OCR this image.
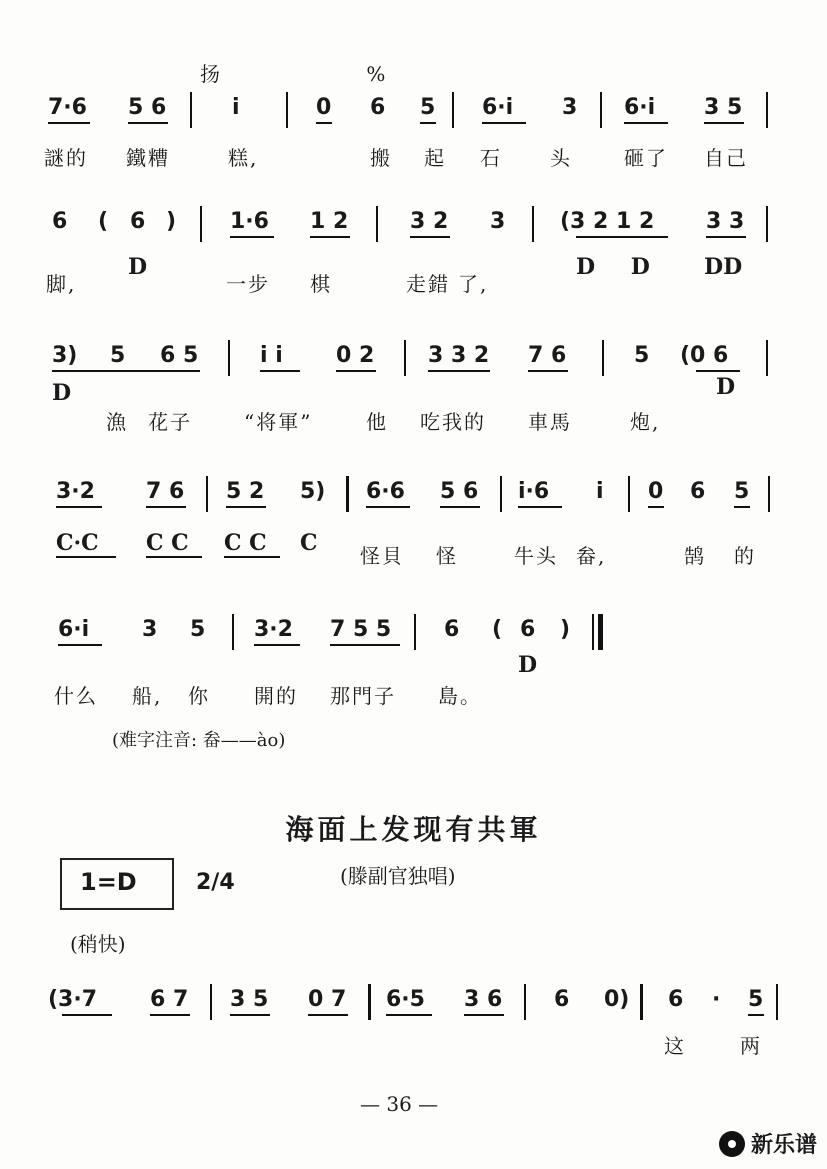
扬 %
7·6 5 6	i	0 6 5 6·i 3 6·i 3 5
謎的 鐵糟	糕,	搬 起 石 头	砸了 自己
6 ( 6 ) 1·6 1 2	3 2 3 (3 2 1 2 3 3
D	D D DD
脚,	一步 棋	走錯 了,
3) 5 6 5	i i 0 2 3 3 2 7 6	5 (0 6
D	D
漁 花子	“将軍”	他 吃我的 車馬	炮,
3·2 7 6 5 2 5) 6·6 5 6 i·6 i 0 6 5
C·C C C C C C 怪貝 怪	牛头 畚,	鹄 的
6·i 3 5 3·2 7 5 5 6 ( 6 )
D
什么 船, 你 開的 那門子 島。
(难字注音: 畚——ào)
海面上发现有共軍
1=D	2/4	(滕副官独唱)
(稍快)
(3·7 6 7 3 5 0 7 6·5 3 6 6 0) 6 · 5
这	两
— 36 —
新乐谱
